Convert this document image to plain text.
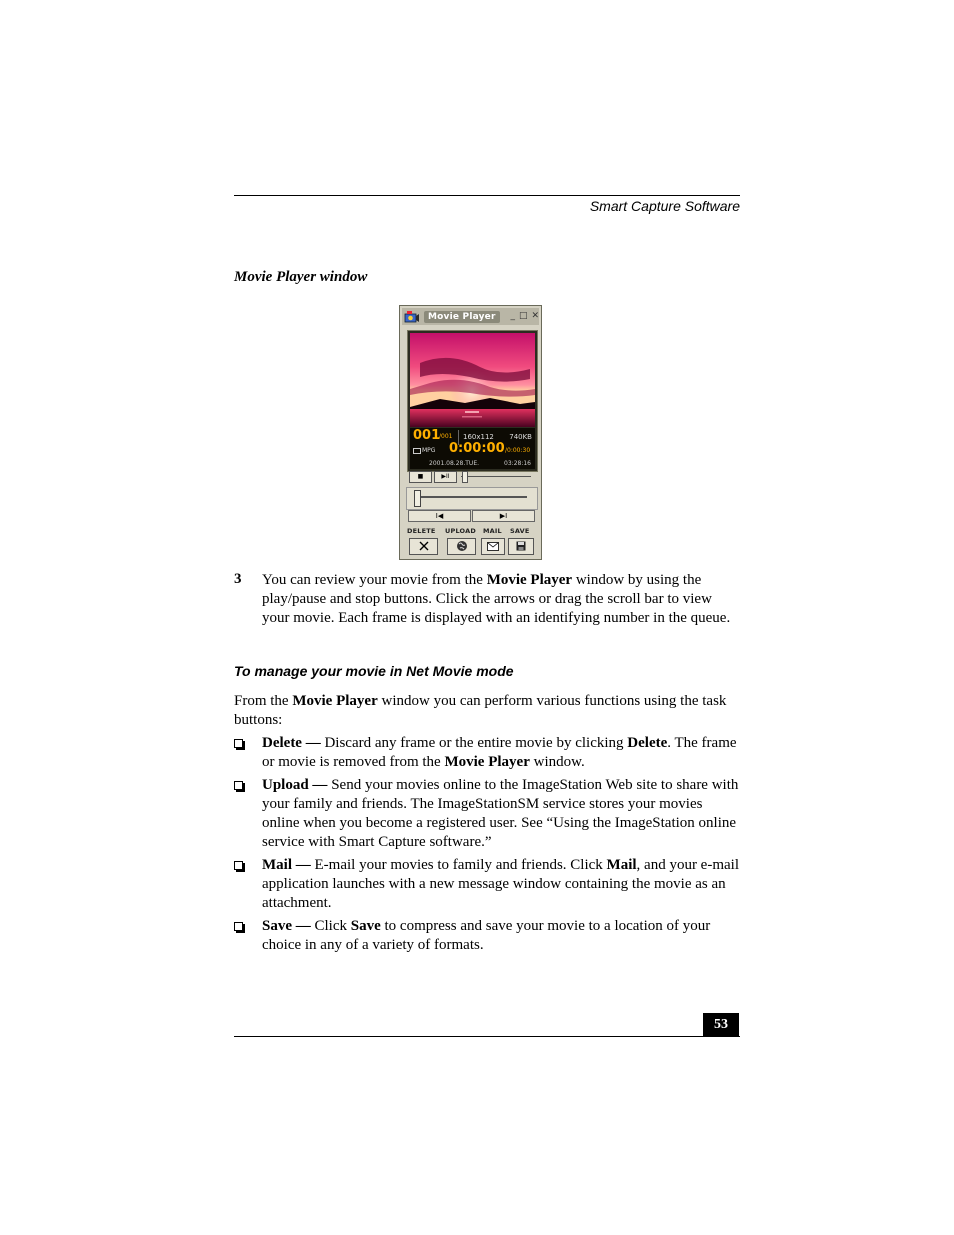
Smart Capture Software
Movie Player window
Movie Player	_ □ ✕
001
/001 160x112 740KB
MPG 0:00:00 /0:00:30
2001.08.28.TUE.	03:28:16
■	▶II
I◀	▶I
DELETE UPLOAD MAIL SAVE
3 You can review your movie from the Movie Player window by using the play/pause and stop buttons. Click the arrows or drag the scroll bar to view your movie. Each frame is displayed with an identifying number in the queue.
To manage your movie in Net Movie mode
From the Movie Player window you can perform various functions using the task buttons:
Delete — Discard any frame or the entire movie by clicking Delete. The frame or movie is removed from the Movie Player window.
Upload — Send your movies online to the ImageStation Web site to share with your family and friends. The ImageStationSM service stores your movies online when you become a registered user. See “Using the ImageStation online service with Smart Capture software.”
Mail — E-mail your movies to family and friends. Click Mail, and your e-mail application launches with a new message window containing the movie as an attachment.
Save — Click Save to compress and save your movie to a location of your choice in any of a variety of formats.
53
